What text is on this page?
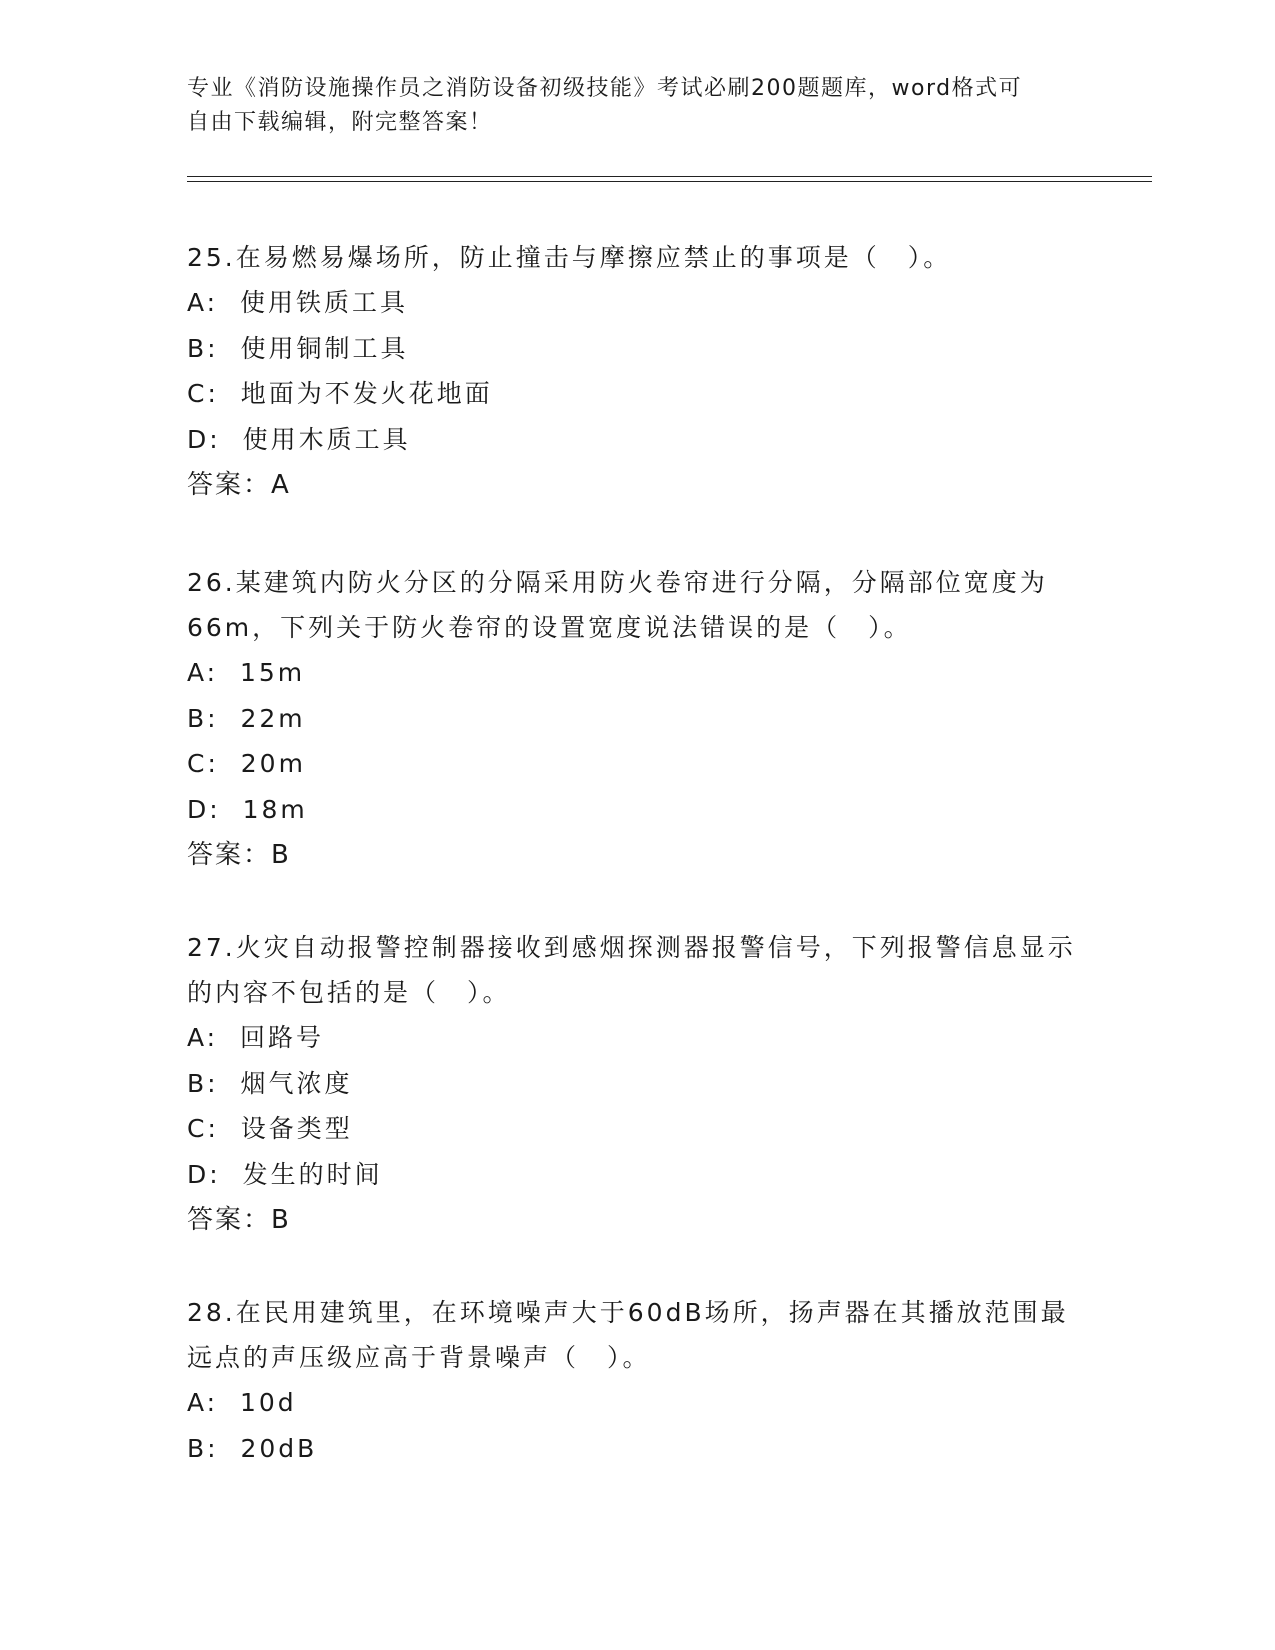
专业《消防设施操作员之消防设备初级技能》考试必刷200题题库，word格式可
自由下载编辑，附完整答案！

25.在易燃易爆场所，防止撞击与摩擦应禁止的事项是（　）。

A:  使用铁质工具

B:  使用铜制工具

C:  地面为不发火花地面

D:  使用木质工具

答案：A

26.某建筑内防火分区的分隔采用防火卷帘进行分隔，分隔部位宽度为66m，下列关于防火卷帘的设置宽度说法错误的是（　）。

A:  15m

B:  22m

C:  20m

D:  18m

答案：B

27.火灾自动报警控制器接收到感烟探测器报警信号，下列报警信息显示的内容不包括的是（　）。

A:  回路号

B:  烟气浓度

C:  设备类型

D:  发生的时间

答案：B

28.在民用建筑里，在环境噪声大于60dB场所，扬声器在其播放范围最远点的声压级应高于背景噪声（　）。

A:  10d

B:  20dB
